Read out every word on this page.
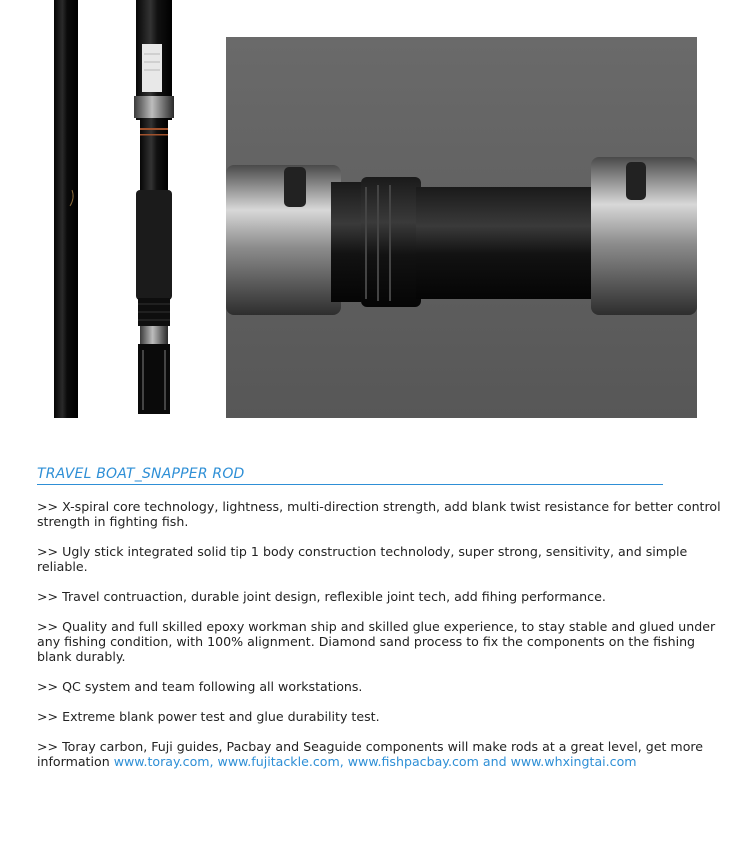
TRAVEL BOAT_SNAPPER ROD

>> X-spiral core technology, lightness, multi-direction strength, add blank twist resistance for better control strength in fighting fish.

>> Ugly stick integrated solid tip 1 body construction technolody, super strong, sensitivity, and simple reliable.

>> Travel contruaction, durable joint design, reflexible joint tech, add fihing performance.

>> Quality and full skilled epoxy workman ship and skilled glue experience, to stay stable and glued under any fishing condition, with 100% alignment. Diamond sand process to fix the components on the fishing blank durably.

>> QC system and team following all workstations.

>> Extreme blank power test and glue durability test.

>> Toray carbon, Fuji guides, Pacbay and Seaguide components will make rods at a great level, get more information www.toray.com, www.fujitackle.com, www.fishpacbay.com and www.whxingtai.com
